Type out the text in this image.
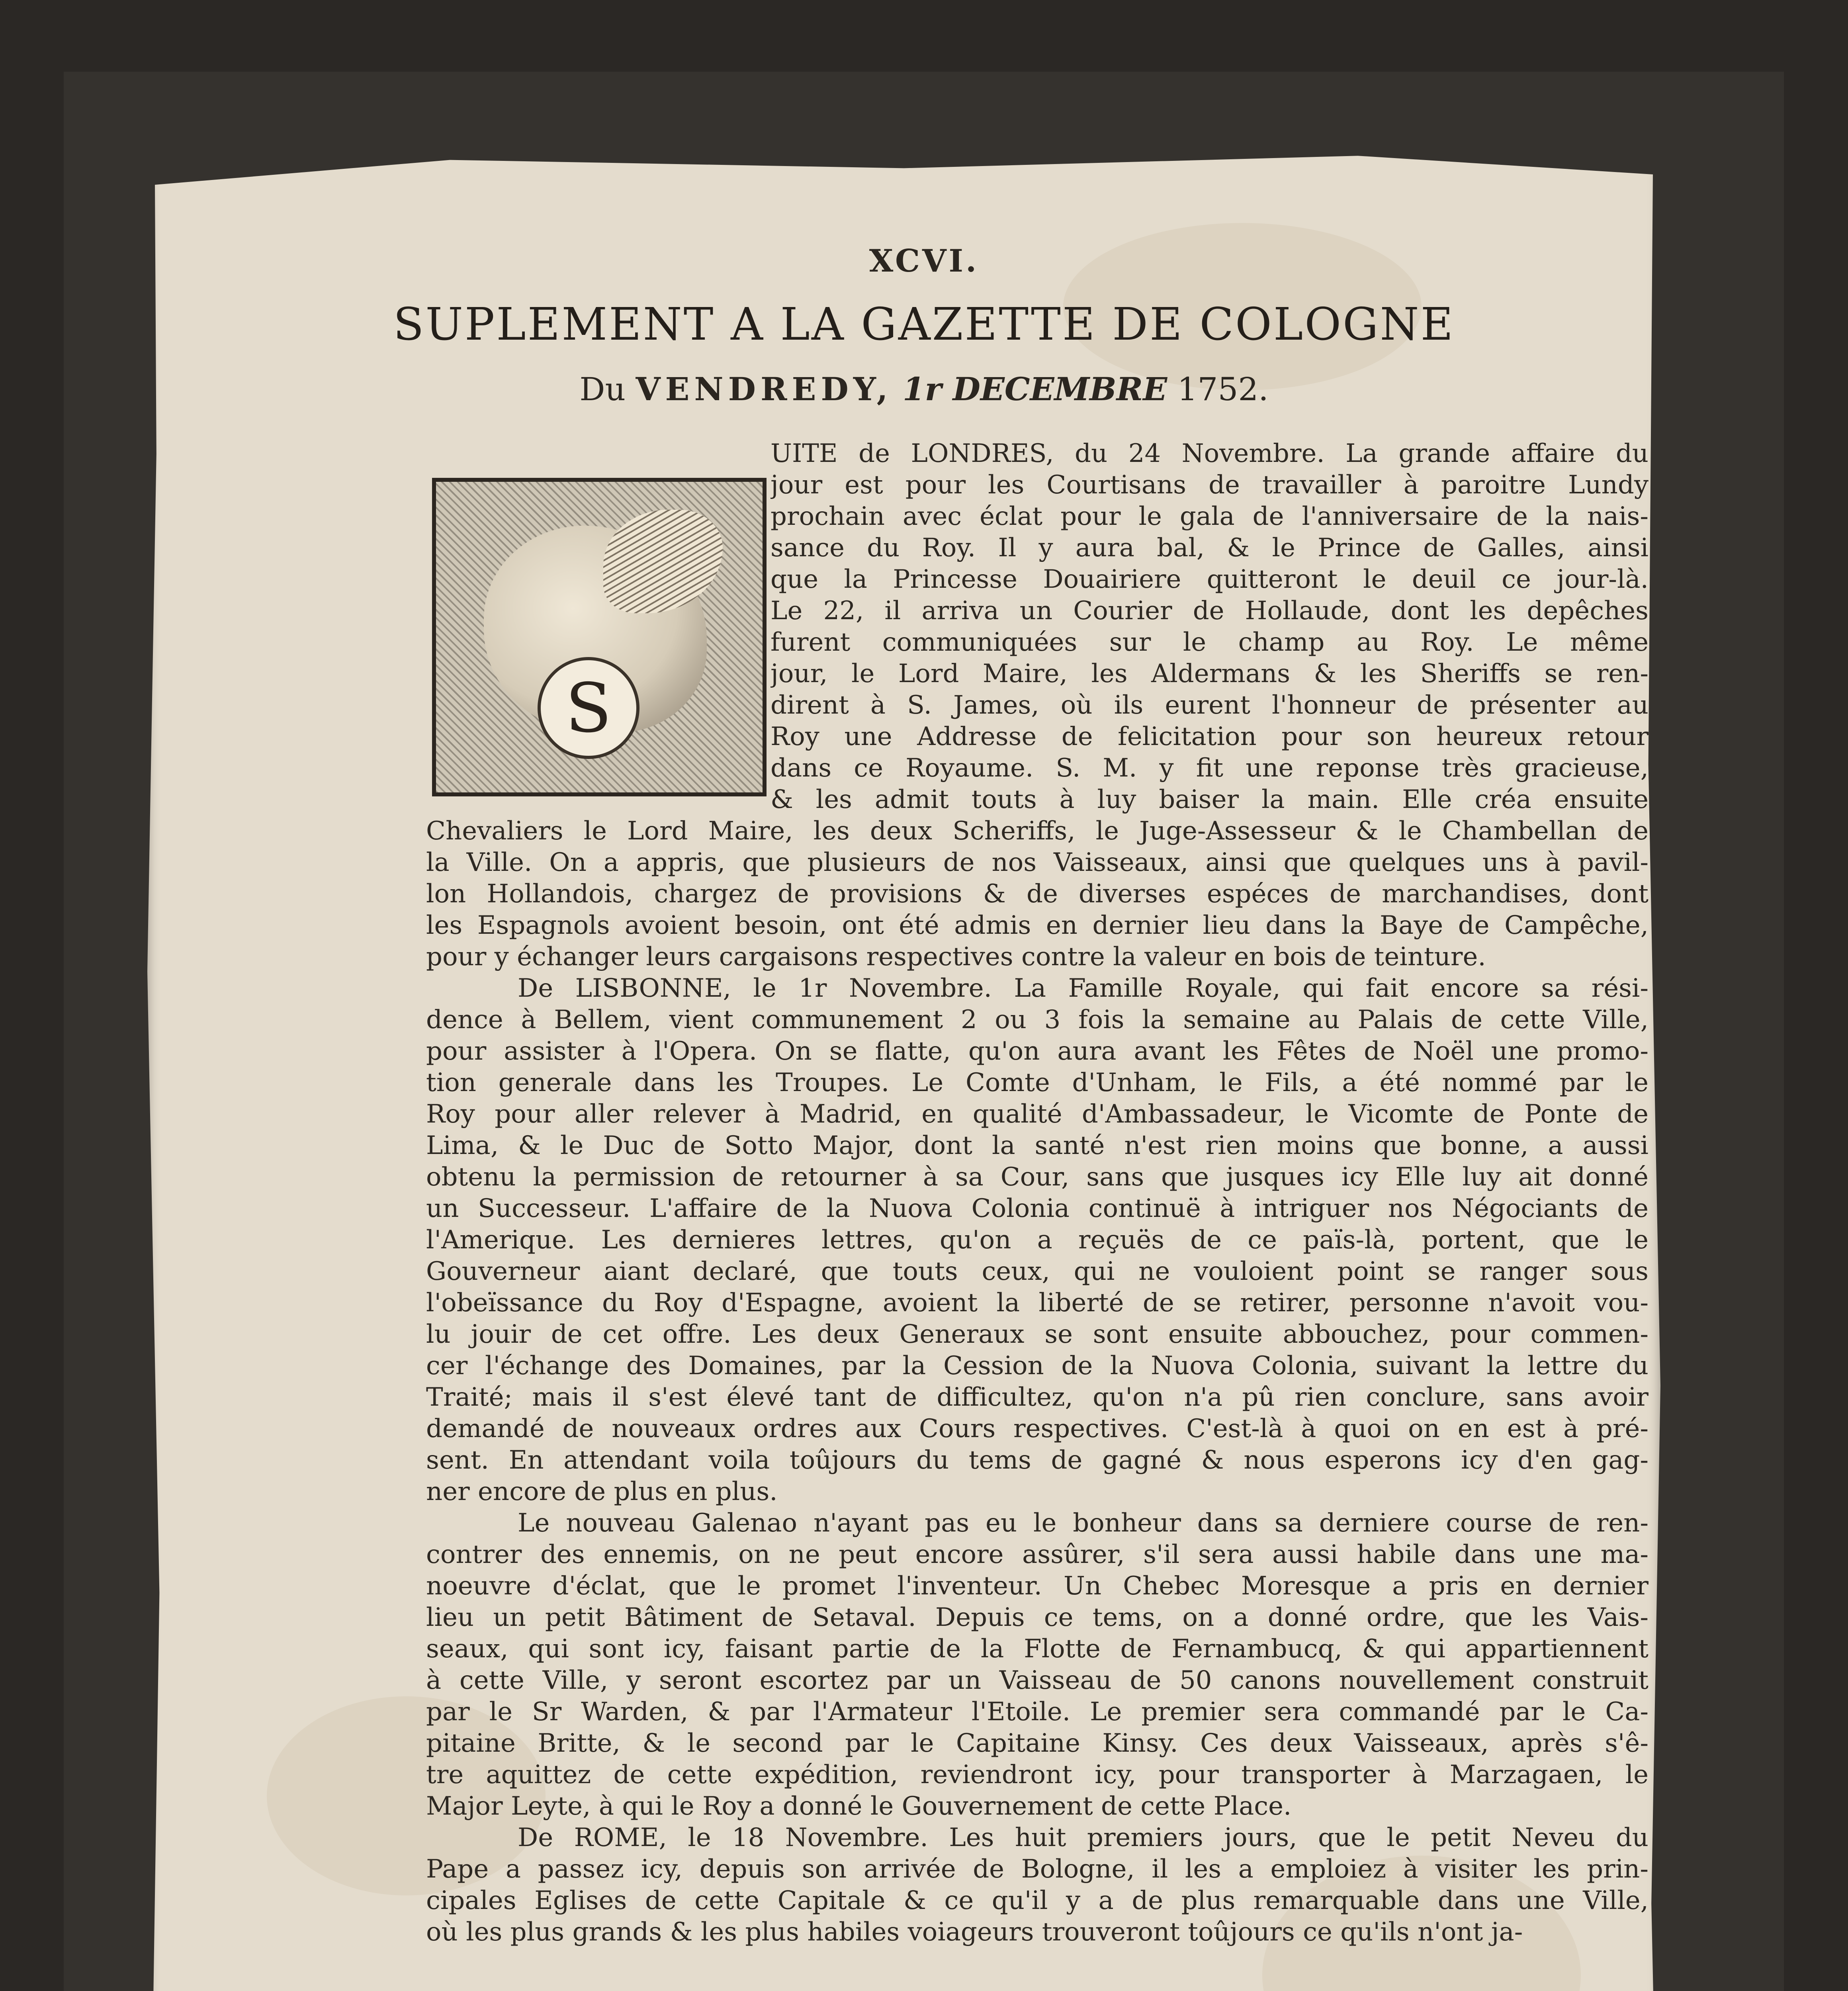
XCVI.
SUPLEMENT A LA GAZETTE DE COLOGNE
Du VENDREDY, 1r DECEMBRE 1752.
S
UITE de LONDRES, du 24 Novembre. La grande affaire du
jour est pour les Courtisans de travailler à paroitre Lundy
prochain avec éclat pour le gala de l'anniversaire de la nais-
sance du Roy. Il y aura bal, & le Prince de Galles, ainsi
que la Princesse Douairiere quitteront le deuil ce jour-là.
Le 22, il arriva un Courier de Hollaude, dont les depêches
furent communiquées sur le champ au Roy. Le même
jour, le Lord Maire, les Aldermans & les Sheriffs se ren-
dirent à S. James, où ils eurent l'honneur de présenter au
Roy une Addresse de felicitation pour son heureux retour
dans ce Royaume. S. M. y fit une reponse très gracieuse,
& les admit touts à luy baiser la main. Elle créa ensuite
Chevaliers le Lord Maire, les deux Scheriffs, le Juge-Assesseur & le Chambellan de
la Ville. On a appris, que plusieurs de nos Vaisseaux, ainsi que quelques uns à pavil-
lon Hollandois, chargez de provisions & de diverses espéces de marchandises, dont
les Espagnols avoient besoin, ont été admis en dernier lieu dans la Baye de Campêche,
pour y échanger leurs cargaisons respectives contre la valeur en bois de teinture.
De LISBONNE, le 1r Novembre. La Famille Royale, qui fait encore sa rési-
dence à Bellem, vient communement 2 ou 3 fois la semaine au Palais de cette Ville,
pour assister à l'Opera. On se flatte, qu'on aura avant les Fêtes de Noël une promo-
tion generale dans les Troupes. Le Comte d'Unham, le Fils, a été nommé par le
Roy pour aller relever à Madrid, en qualité d'Ambassadeur, le Vicomte de Ponte de
Lima, & le Duc de Sotto Major, dont la santé n'est rien moins que bonne, a aussi
obtenu la permission de retourner à sa Cour, sans que jusques icy Elle luy ait donné
un Successeur. L'affaire de la Nuova Colonia continuë à intriguer nos Négociants de
l'Amerique. Les dernieres lettres, qu'on a reçuës de ce païs-là, portent, que le
Gouverneur aiant declaré, que touts ceux, qui ne vouloient point se ranger sous
l'obeïssance du Roy d'Espagne, avoient la liberté de se retirer, personne n'avoit vou-
lu jouir de cet offre. Les deux Generaux se sont ensuite abbouchez, pour commen-
cer l'échange des Domaines, par la Cession de la Nuova Colonia, suivant la lettre du
Traité; mais il s'est élevé tant de difficultez, qu'on n'a pû rien conclure, sans avoir
demandé de nouveaux ordres aux Cours respectives. C'est-là à quoi on en est à pré-
sent. En attendant voila toûjours du tems de gagné & nous esperons icy d'en gag-
ner encore de plus en plus.
Le nouveau Galenao n'ayant pas eu le bonheur dans sa derniere course de ren-
contrer des ennemis, on ne peut encore assûrer, s'il sera aussi habile dans une ma-
noeuvre d'éclat, que le promet l'inventeur. Un Chebec Moresque a pris en dernier
lieu un petit Bâtiment de Setaval. Depuis ce tems, on a donné ordre, que les Vais-
seaux, qui sont icy, faisant partie de la Flotte de Fernambucq, & qui appartiennent
à cette Ville, y seront escortez par un Vaisseau de 50 canons nouvellement construit
par le Sr Warden, & par l'Armateur l'Etoile. Le premier sera commandé par le Ca-
pitaine Britte, & le second par le Capitaine Kinsy. Ces deux Vaisseaux, après s'ê-
tre aquittez de cette expédition, reviendront icy, pour transporter à Marzagaen, le
Major Leyte, à qui le Roy a donné le Gouvernement de cette Place.
De ROME, le 18 Novembre. Les huit premiers jours, que le petit Neveu du
Pape a passez icy, depuis son arrivée de Bologne, il les a emploiez à visiter les prin-
cipales Eglises de cette Capitale & ce qu'il y a de plus remarquable dans une Ville,
où les plus grands & les plus habiles voiageurs trouveront toûjours ce qu'ils n'ont ja-
